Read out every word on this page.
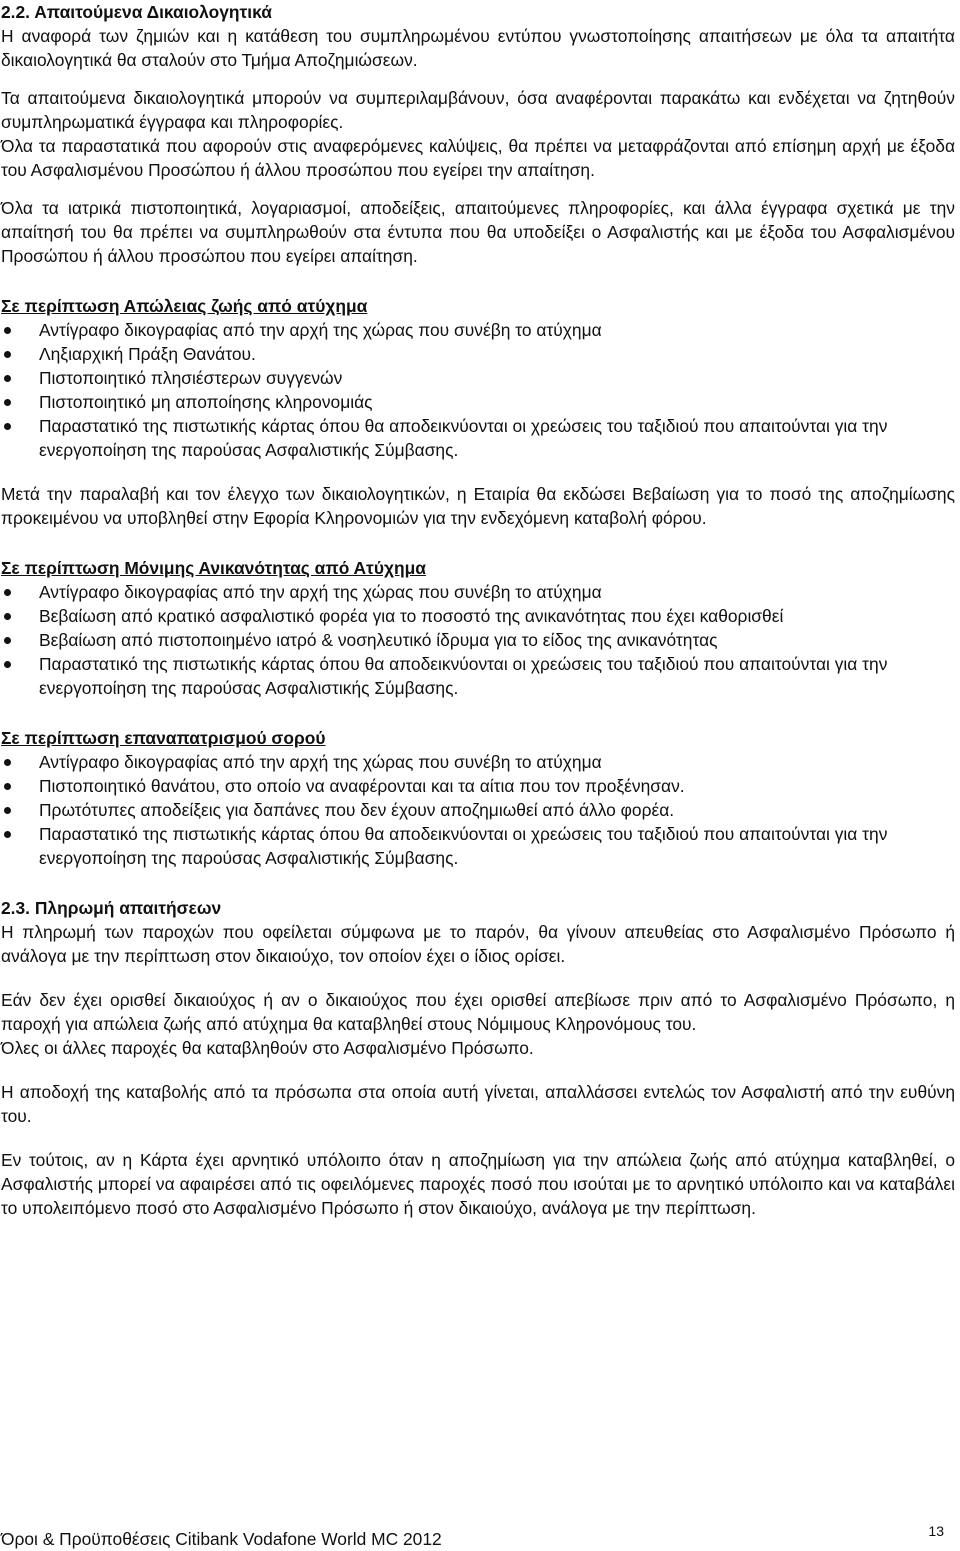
2.2. Απαιτούμενα Δικαιολογητικά

Η αναφορά των ζημιών και η κατάθεση του συμπληρωμένου εντύπου γνωστοποίησης απαιτήσεων με όλα τα απαιτήτα δικαιολογητικά θα σταλούν στο Τμήμα Αποζημιώσεων.

Τα απαιτούμενα δικαιολογητικά μπορούν να συμπεριλαμβάνουν, όσα αναφέρονται παρακάτω και ενδέχεται να ζητηθούν συμπληρωματικά έγγραφα και πληροφορίες.

Όλα τα παραστατικά που αφορούν στις αναφερόμενες καλύψεις, θα πρέπει να μεταφράζονται από επίσημη αρχή με έξοδα του Ασφαλισμένου Προσώπου ή άλλου προσώπου που εγείρει την απαίτηση.

Όλα τα ιατρικά πιστοποιητικά, λογαριασμοί, αποδείξεις, απαιτούμενες πληροφορίες, και άλλα έγγραφα σχετικά με την απαίτησή του θα πρέπει να συμπληρωθούν στα έντυπα που θα υποδείξει ο Ασφαλιστής και με έξοδα του Ασφαλισμένου Προσώπου ή άλλου προσώπου που εγείρει απαίτηση.

Σε περίπτωση Απώλειας ζωής από ατύχημα

Αντίγραφο δικογραφίας από την αρχή της χώρας που συνέβη το ατύχημα
Ληξιαρχική Πράξη Θανάτου.
Πιστοποιητικό πλησιέστερων συγγενών
Πιστοποιητικό μη αποποίησης κληρονομιάς
Παραστατικό της πιστωτικής κάρτας όπου θα αποδεικνύονται οι χρεώσεις του ταξιδιού που απαιτούνται για την ενεργοποίηση της παρούσας Ασφαλιστικής Σύμβασης.

Μετά την παραλαβή και τον έλεγχο των δικαιολογητικών, η Εταιρία θα εκδώσει Βεβαίωση για το ποσό της αποζημίωσης προκειμένου να υποβληθεί στην Εφορία Κληρονομιών για την ενδεχόμενη καταβολή φόρου.

Σε περίπτωση Μόνιμης Ανικανότητας από Ατύχημα

Αντίγραφο δικογραφίας από την αρχή της χώρας που συνέβη το ατύχημα
Βεβαίωση από κρατικό ασφαλιστικό φορέα για το ποσοστό της ανικανότητας που έχει καθορισθεί
Βεβαίωση από πιστοποιημένο ιατρό & νοσηλευτικό ίδρυμα για το είδος της ανικανότητας
Παραστατικό της πιστωτικής κάρτας όπου θα αποδεικνύονται οι χρεώσεις του ταξιδιού που απαιτούνται για την ενεργοποίηση της παρούσας Ασφαλιστικής Σύμβασης.

Σε περίπτωση επαναπατρισμού σορού

Αντίγραφο δικογραφίας από την αρχή της χώρας που συνέβη το ατύχημα
Πιστοποιητικό θανάτου, στο οποίο να αναφέρονται και τα αίτια που τον προξένησαν.
Πρωτότυπες αποδείξεις για δαπάνες που δεν έχουν αποζημιωθεί από άλλο φορέα.
Παραστατικό της πιστωτικής κάρτας όπου θα αποδεικνύονται οι χρεώσεις του ταξιδιού που απαιτούνται για την ενεργοποίηση της παρούσας Ασφαλιστικής Σύμβασης.

2.3. Πληρωμή απαιτήσεων

Η πληρωμή των παροχών που οφείλεται σύμφωνα με το παρόν, θα γίνουν απευθείας στο Ασφαλισμένο Πρόσωπο ή ανάλογα με την περίπτωση στον δικαιούχο, τον οποίον έχει ο ίδιος ορίσει.

Εάν δεν έχει ορισθεί δικαιούχος ή αν ο δικαιούχος που έχει ορισθεί απεβίωσε πριν από το Ασφαλισμένο Πρόσωπο, η παροχή για απώλεια ζωής από ατύχημα θα καταβληθεί στους Νόμιμους Κληρονόμους του.

Όλες οι άλλες παροχές θα καταβληθούν στο Ασφαλισμένο Πρόσωπο.

Η αποδοχή της καταβολής από τα πρόσωπα στα οποία αυτή γίνεται, απαλλάσσει εντελώς τον Ασφαλιστή από την ευθύνη του.

Εν τούτοις, αν η Κάρτα έχει αρνητικό υπόλοιπο όταν η αποζημίωση για την απώλεια ζωής από ατύχημα καταβληθεί, ο Ασφαλιστής μπορεί να αφαιρέσει από τις οφειλόμενες παροχές ποσό που ισούται με το αρνητικό υπόλοιπο και να καταβάλει το υπολειπόμενο ποσό στο Ασφαλισμένο Πρόσωπο ή στον δικαιούχο, ανάλογα με την περίπτωση.

Όροι & Προϋποθέσεις Citibank Vodafone World MC 2012	13
